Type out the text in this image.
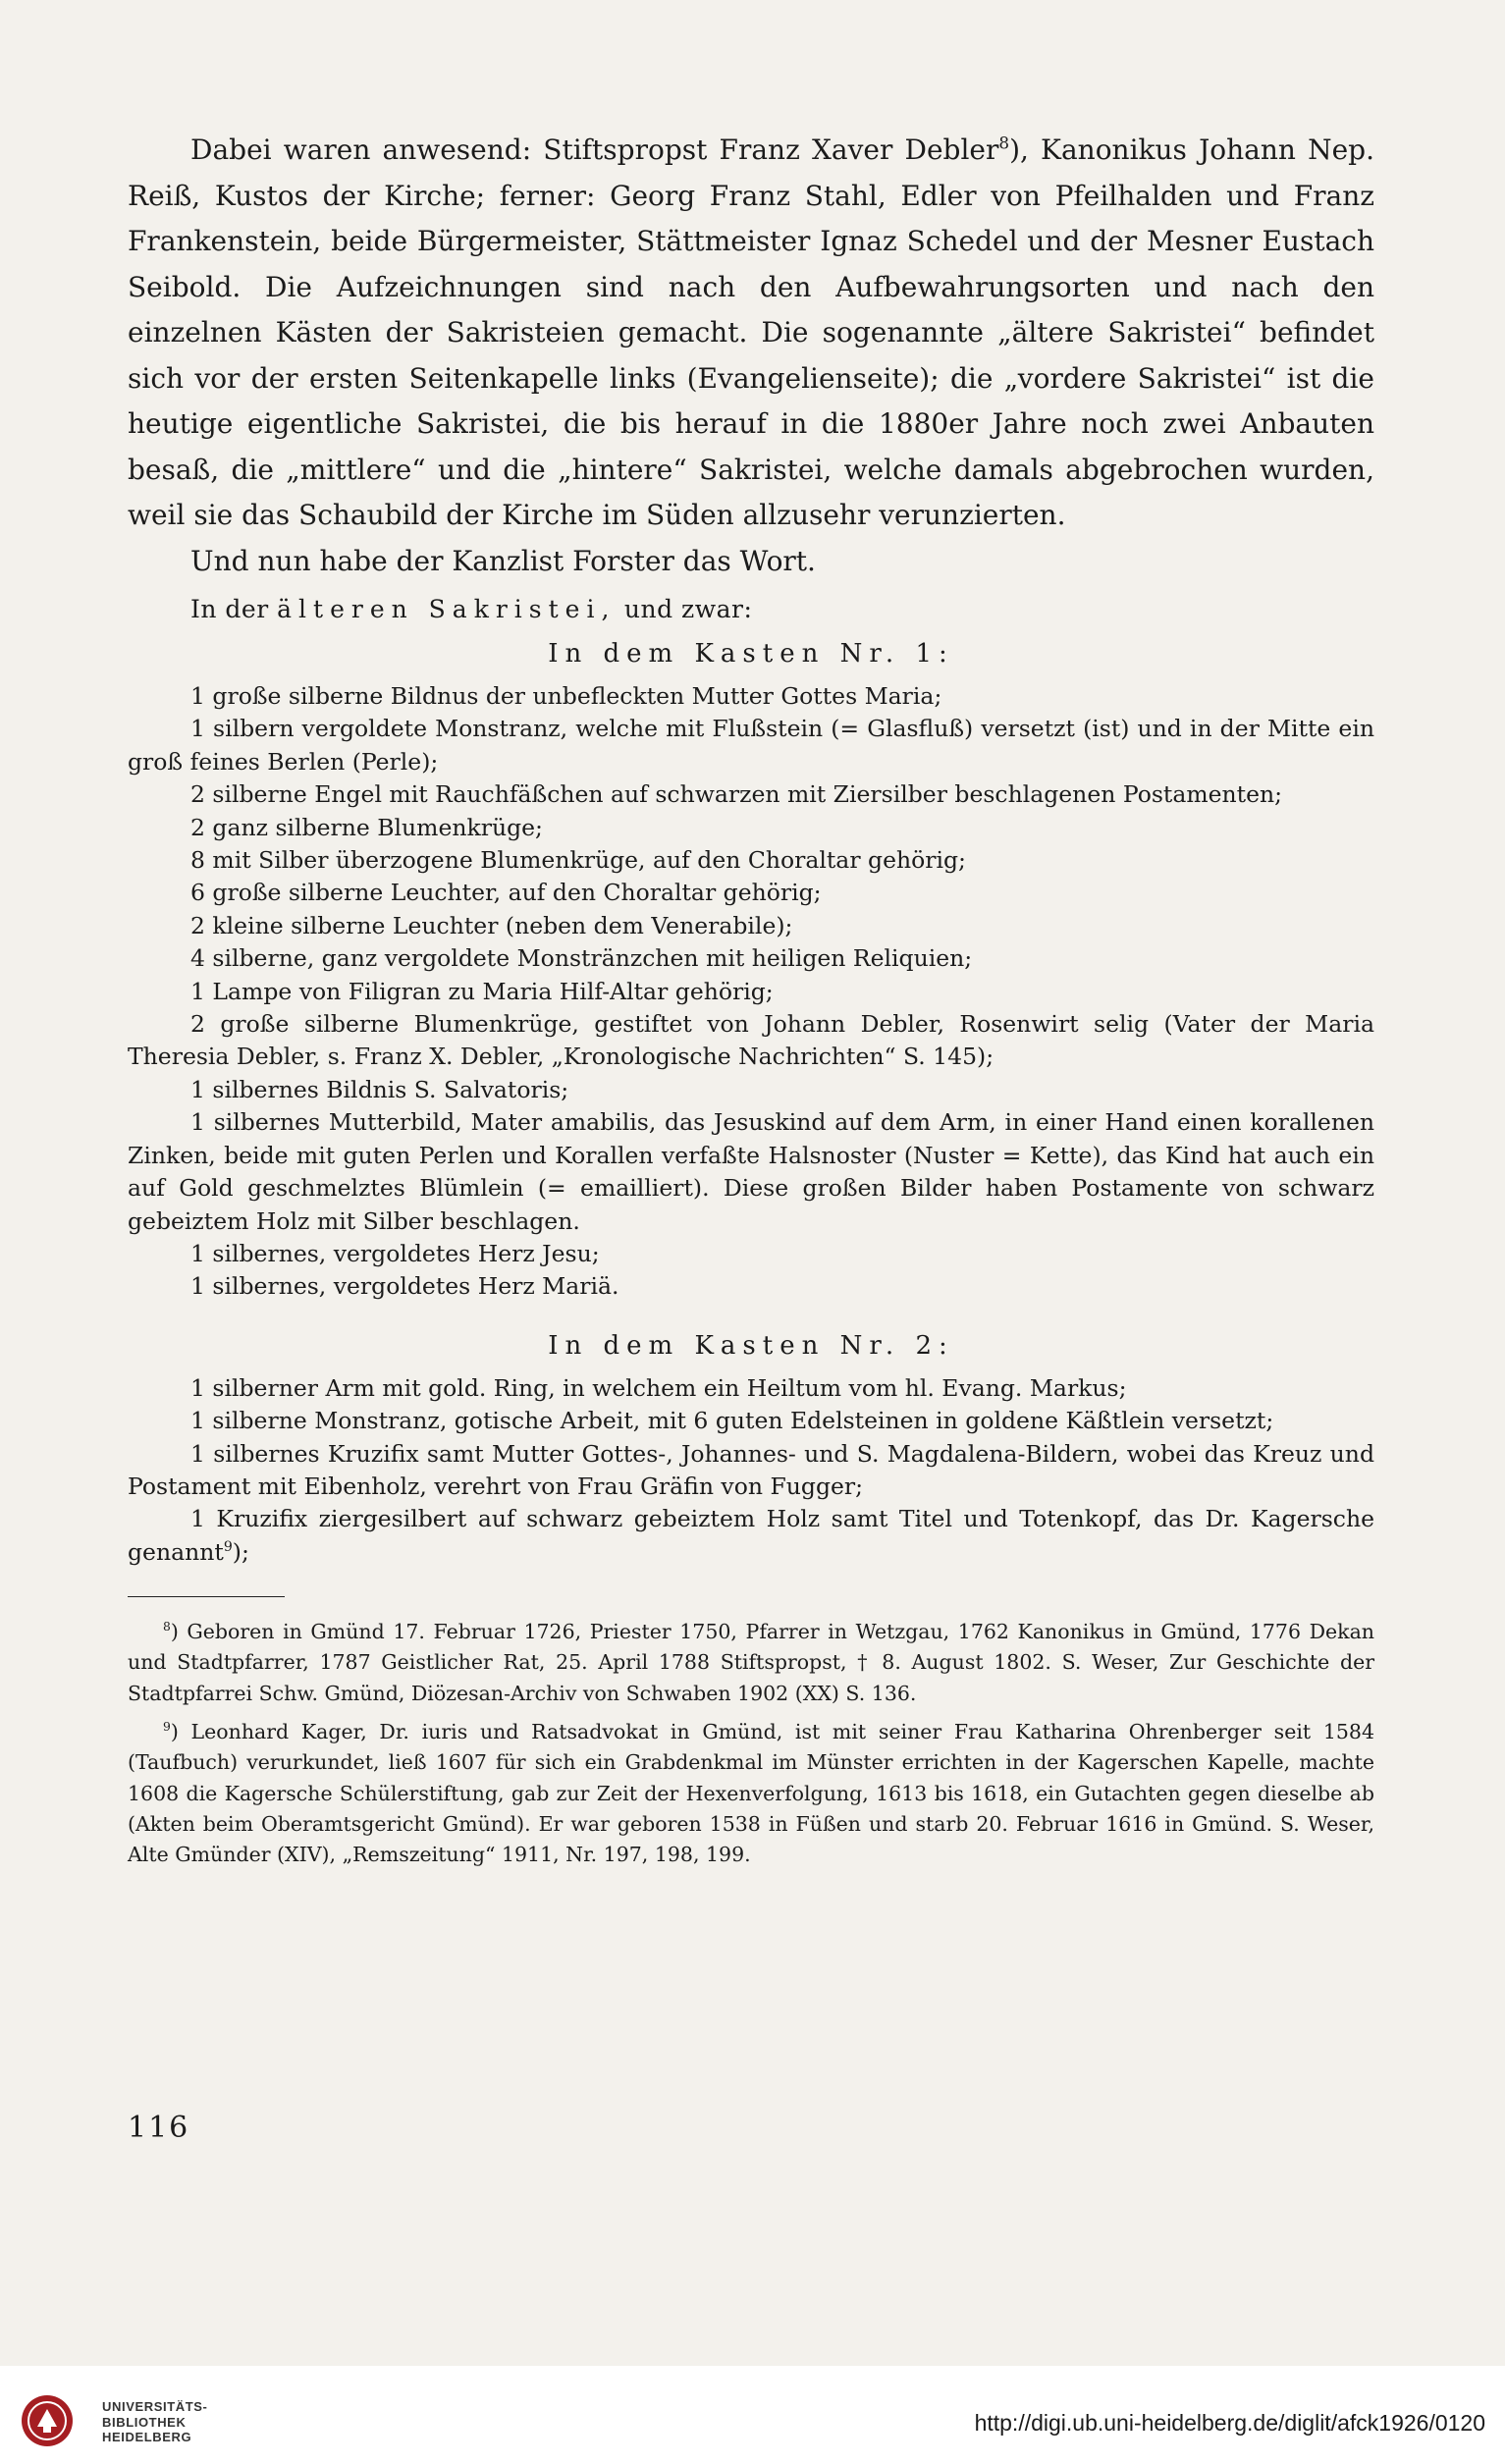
Dabei waren anwesend: Stiftspropst Franz Xaver Debler$^8$), Kanonikus Johann Nep. Reiß, Kustos der Kirche; ferner: Georg Franz Stahl, Edler von Pfeilhalden und Franz Frankenstein, beide Bürgermeister, Stättmeister Ignaz Schedel und der Mesner Eustach Seibold. Die Aufzeichnungen sind nach den Aufbewahrungsorten und nach den einzelnen Kästen der Sakristeien gemacht. Die sogenannte „ältere Sakristei“ befindet sich vor der ersten Seitenkapelle links (Evangelienseite); die „vordere Sakristei“ ist die heutige eigentliche Sakristei, die bis herauf in die 1880er Jahre noch zwei Anbauten besaß, die „mittlere“ und die „hintere“ Sakristei, welche damals abgebrochen wurden, weil sie das Schaubild der Kirche im Süden allzusehr verunzierten.

Und nun habe der Kanzlist Forster das Wort.

In der älteren Sakristei, und zwar:

In dem Kasten Nr. 1:

1 große silberne Bildnus der unbefleckten Mutter Gottes Maria;

1 silbern vergoldete Monstranz, welche mit Flußstein (= Glasfluß) versetzt (ist) und in der Mitte ein groß feines Berlen (Perle);

2 silberne Engel mit Rauchfäßchen auf schwarzen mit Ziersilber beschlagenen Postamenten;

2 ganz silberne Blumenkrüge;

8 mit Silber überzogene Blumenkrüge, auf den Choraltar gehörig;

6 große silberne Leuchter, auf den Choraltar gehörig;

2 kleine silberne Leuchter (neben dem Venerabile);

4 silberne, ganz vergoldete Monstränzchen mit heiligen Reliquien;

1 Lampe von Filigran zu Maria Hilf-Altar gehörig;

2 große silberne Blumenkrüge, gestiftet von Johann Debler, Rosenwirt selig (Vater der Maria Theresia Debler, s. Franz X. Debler, „Kronologische Nachrichten“ S. 145);

1 silbernes Bildnis S. Salvatoris;

1 silbernes Mutterbild, Mater amabilis, das Jesuskind auf dem Arm, in einer Hand einen korallenen Zinken, beide mit guten Perlen und Korallen verfaßte Halsnoster (Nuster = Kette), das Kind hat auch ein auf Gold geschmelztes Blümlein (= emailliert). Diese großen Bilder haben Postamente von schwarz gebeiztem Holz mit Silber beschlagen.

1 silbernes, vergoldetes Herz Jesu;

1 silbernes, vergoldetes Herz Mariä.

In dem Kasten Nr. 2:

1 silberner Arm mit gold. Ring, in welchem ein Heiltum vom hl. Evang. Markus;

1 silberne Monstranz, gotische Arbeit, mit 6 guten Edelsteinen in goldene Käßtlein versetzt;

1 silbernes Kruzifix samt Mutter Gottes-, Johannes- und S. Magdalena-Bildern, wobei das Kreuz und Postament mit Eibenholz, verehrt von Frau Gräfin von Fugger;

1 Kruzifix ziergesilbert auf schwarz gebeiztem Holz samt Titel und Totenkopf, das Dr. Kagersche genannt$^9$);

$^8$) Geboren in Gmünd 17. Februar 1726, Priester 1750, Pfarrer in Wetzgau, 1762 Kanonikus in Gmünd, 1776 Dekan und Stadtpfarrer, 1787 Geistlicher Rat, 25. April 1788 Stiftspropst, † 8. August 1802. S. Weser, Zur Geschichte der Stadtpfarrei Schw. Gmünd, Diözesan-Archiv von Schwaben 1902 (XX) S. 136.

$^9$) Leonhard Kager, Dr. iuris und Ratsadvokat in Gmünd, ist mit seiner Frau Katharina Ohrenberger seit 1584 (Taufbuch) verurkundet, ließ 1607 für sich ein Grabdenkmal im Münster errichten in der Kagerschen Kapelle, machte 1608 die Kagersche Schülerstiftung, gab zur Zeit der Hexenverfolgung, 1613 bis 1618, ein Gutachten gegen dieselbe ab (Akten beim Oberamtsgericht Gmünd). Er war geboren 1538 in Füßen und starb 20. Februar 1616 in Gmünd. S. Weser, Alte Gmünder (XIV), „Remszeitung“ 1911, Nr. 197, 198, 199.

116
UNIVERSITÄTS-
BIBLIOTHEK
HEIDELBERG
http://digi.ub.uni-heidelberg.de/diglit/afck1926/0120
